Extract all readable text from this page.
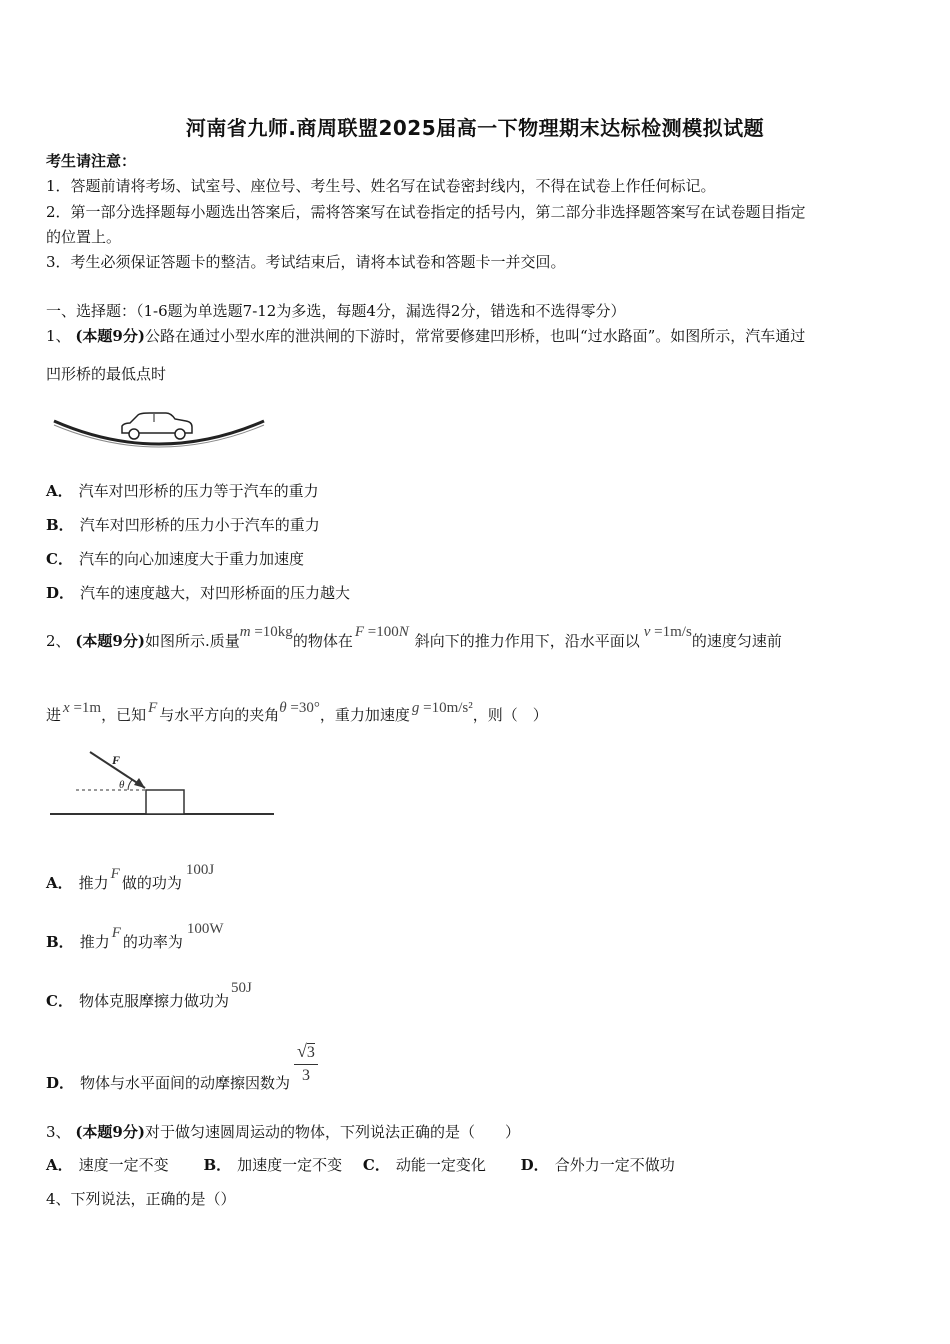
河南省九师.商周联盟2025届高一下物理期末达标检测模拟试题
考生请注意：
1．答题前请将考场、试室号、座位号、考生号、姓名写在试卷密封线内，不得在试卷上作任何标记。
2．第一部分选择题每小题选出答案后，需将答案写在试卷指定的括号内，第二部分非选择题答案写在试卷题目指定
的位置上。
3．考生必须保证答题卡的整洁。考试结束后，请将本试卷和答题卡一并交回。
一、选择题：（1-6题为单选题7-12为多选，每题4分，漏选得2分，错选和不选得零分）
1、 (本题9分)公路在通过小型水库的泄洪闸的下游时，常常要修建凹形桥，也叫“过水路面”。如图所示，汽车通过
凹形桥的最低点时
A． 汽车对凹形桥的压力等于汽车的重力
B． 汽车对凹形桥的压力小于汽车的重力
C． 汽车的向心加速度大于重力加速度
D． 汽车的速度越大，对凹形桥面的压力越大
2、 (本题9分)如图所示.质量m =10kg的物体在 F =100N 斜向下的推力作用下，沿水平面以 v =1m/s的速度匀速前
进 x =1m，已知 F 与水平方向的夹角θ =30°，重力加速度 g =10m/s²，则（　）
F
θ
A． 推力 F 做的功为100J
B． 推力 F 的功率为100W
C． 物体克服摩擦力做功为50J
D． 物体与水平面间的动摩擦因数为 $\frac{√3}{3}$
3、 (本题9分)对于做匀速圆周运动的物体，下列说法正确的是（　　）
A． 速度一定不变 B． 加速度一定不变 C． 动能一定变化 D． 合外力一定不做功
4、下列说法，正确的是（）
